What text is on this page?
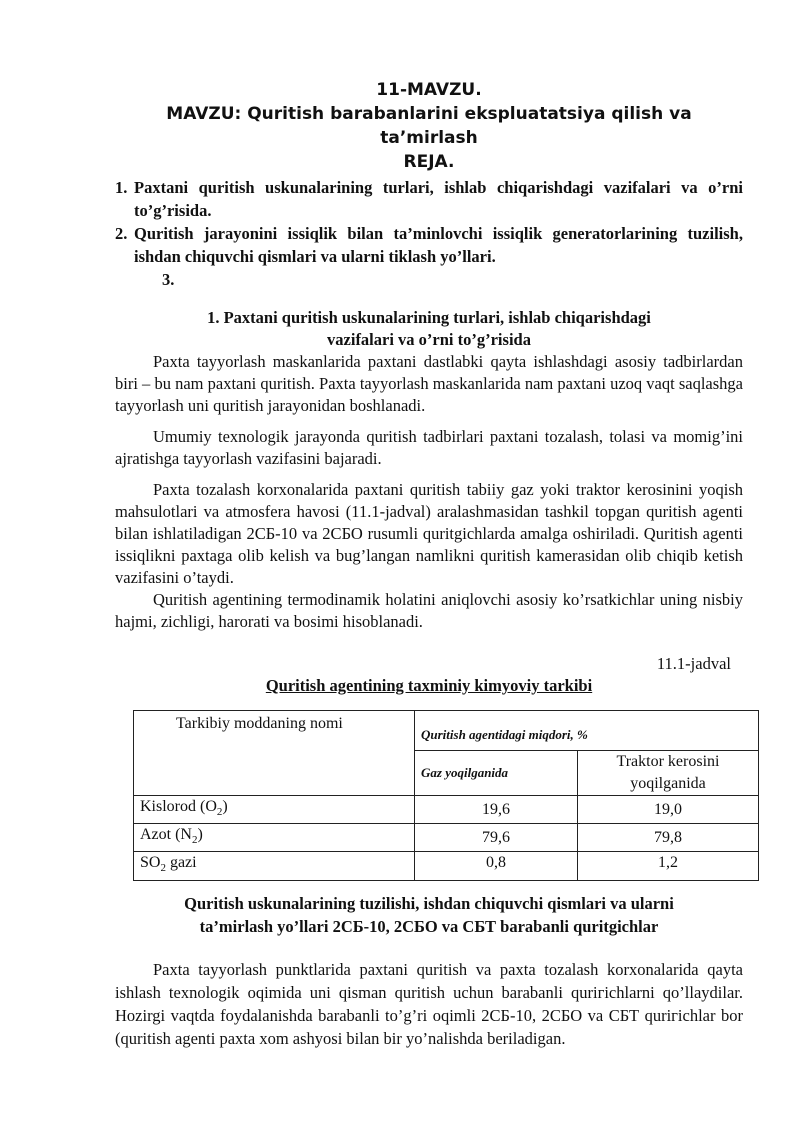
11-MAVZU.
MAVZU: Quritish barabanlarini ekspluatatsiya qilish va ta’mirlash
REJA.
1. Paxtani quritish uskunalarining turlari, ishlab chiqarishdagi vazifalari va o’rni to’g’risida.
2. Quritish jarayonini issiqlik bilan ta’minlovchi issiqlik generatorlarining tuzilish, ishdan chiquvchi qismlari va ularni tiklash yo’llari.
3.
1. Paxtani quritish uskunalarining turlari, ishlab chiqarishdagi
vazifalari va o’rni to’g’risida

Paxta tayyorlash maskanlarida paxtani dastlabki qayta ishlashdagi asosiy tadbirlardan biri – bu nam paxtani quritish. Paxta tayyorlash maskanlarida nam paxtani uzoq vaqt saqlashga tayyorlash uni quritish jarayonidan boshlanadi.

Umumiy texnologik jarayonda quritish tadbirlari paxtani tozalash, tolasi va momig’ini ajratishga tayyorlash vazifasini bajaradi.

Paxta tozalash korxonalarida paxtani quritish tabiiy gaz yoki traktor kerosinini yoqish mahsulotlari va atmosfera havosi (11.1-jadval) aralashmasidan tashkil topgan quritish agenti bilan ishlatiladigan 2СБ-10 va 2СБО rusumli quritgichlarda amalga oshiriladi. Quritish agenti issiqlikni paxtaga olib kelish va bug’langan namlikni quritish kamerasidan olib chiqib ketish vazifasini o’taydi.

Quritish agentining termodinamik holatini aniqlovchi asosiy ko’rsatkichlar uning nisbiy hajmi, zichligi, harorati va bosimi hisoblanadi.

11.1-jadval
Quritish agentining taxminiy kimyoviy tarkibi
Tarkibiy moddaning nomi	Quritish agentidagi miqdori, %	
	Gaz yoqilganida	Traktor kerosini yoqilganida
Kislorod $(O_2)$	19,6	19,0
Azot $(N_2)$	79,6	79,8
$SO_2$ gazi	0,8	1,2
Quritish uskunalarining tuzilishi, ishdan chiquvchi qismlari va ularni
ta’mirlash yo’llari 2СБ-10, 2СБО va СБТ barabanli quritgichlar

Paxta tayyorlash punktlarida paxtani quritish va paxta tozalash korxonalarida qayta ishlash texnologik oqimida uni qisman quritish uchun barabanli quriгichlarni qo’llaydilar. Hozirgi vaqtda foydalanishda barabanli to’g’ri oqimli 2СБ-10, 2СБО va СБТ quriгichlar bor (quritish agenti paxta xom ashyosi bilan bir yo’nalishda beriladigan.
